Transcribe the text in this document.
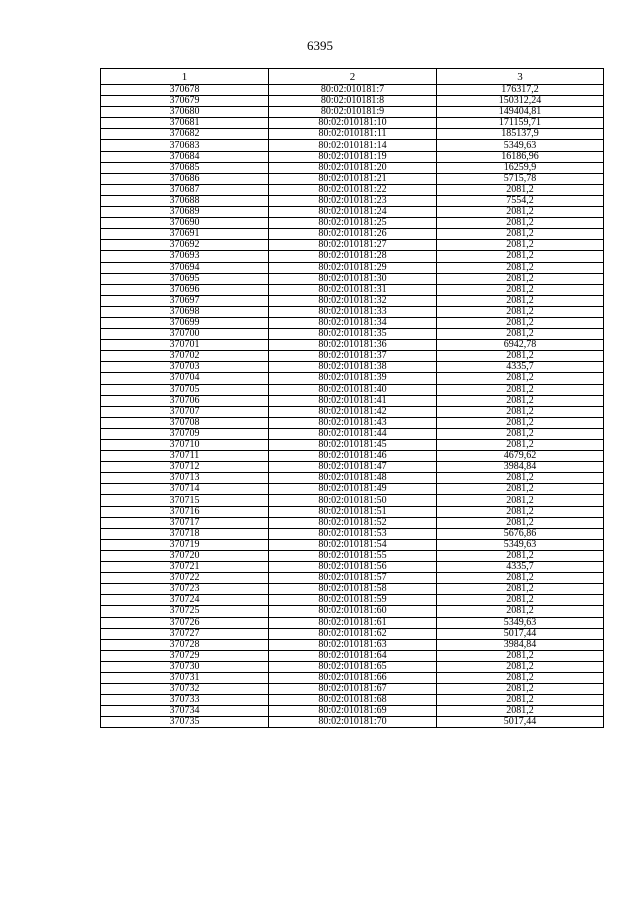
6395
1	2	3
370678	80:02:010181:7	176317,2
370679	80:02:010181:8	150312,24
370680	80:02:010181:9	149404,81
370681	80:02:010181:10	171159,71
370682	80:02:010181:11	185137,9
370683	80:02:010181:14	5349,63
370684	80:02:010181:19	16186,96
370685	80:02:010181:20	16259,9
370686	80:02:010181:21	5715,78
370687	80:02:010181:22	2081,2
370688	80:02:010181:23	7554,2
370689	80:02:010181:24	2081,2
370690	80:02:010181:25	2081,2
370691	80:02:010181:26	2081,2
370692	80:02:010181:27	2081,2
370693	80:02:010181:28	2081,2
370694	80:02:010181:29	2081,2
370695	80:02:010181:30	2081,2
370696	80:02:010181:31	2081,2
370697	80:02:010181:32	2081,2
370698	80:02:010181:33	2081,2
370699	80:02:010181:34	2081,2
370700	80:02:010181:35	2081,2
370701	80:02:010181:36	6942,78
370702	80:02:010181:37	2081,2
370703	80:02:010181:38	4335,7
370704	80:02:010181:39	2081,2
370705	80:02:010181:40	2081,2
370706	80:02:010181:41	2081,2
370707	80:02:010181:42	2081,2
370708	80:02:010181:43	2081,2
370709	80:02:010181:44	2081,2
370710	80:02:010181:45	2081,2
370711	80:02:010181:46	4679,62
370712	80:02:010181:47	3984,84
370713	80:02:010181:48	2081,2
370714	80:02:010181:49	2081,2
370715	80:02:010181:50	2081,2
370716	80:02:010181:51	2081,2
370717	80:02:010181:52	2081,2
370718	80:02:010181:53	5676,86
370719	80:02:010181:54	5349,63
370720	80:02:010181:55	2081,2
370721	80:02:010181:56	4335,7
370722	80:02:010181:57	2081,2
370723	80:02:010181:58	2081,2
370724	80:02:010181:59	2081,2
370725	80:02:010181:60	2081,2
370726	80:02:010181:61	5349,63
370727	80:02:010181:62	5017,44
370728	80:02:010181:63	3984,84
370729	80:02:010181:64	2081,2
370730	80:02:010181:65	2081,2
370731	80:02:010181:66	2081,2
370732	80:02:010181:67	2081,2
370733	80:02:010181:68	2081,2
370734	80:02:010181:69	2081,2
370735	80:02:010181:70	5017,44
